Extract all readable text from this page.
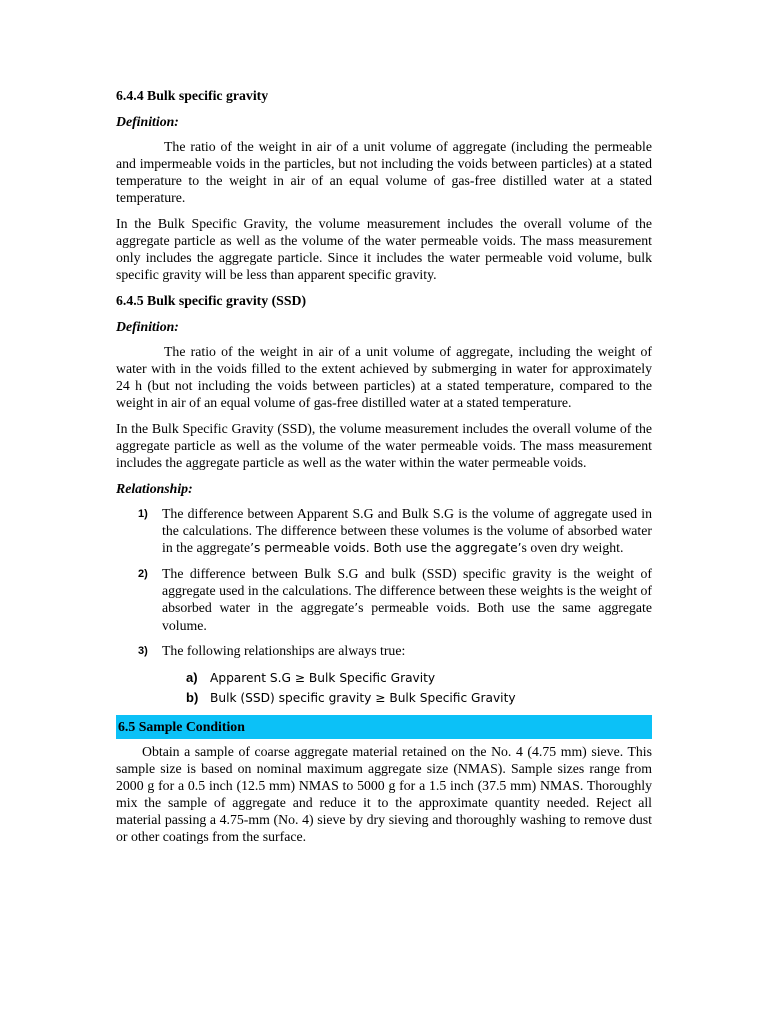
6.4.4 Bulk specific gravity

Definition:

The ratio of the weight in air of a unit volume of aggregate (including the permeable and impermeable voids in the particles, but not including the voids between particles) at a stated temperature to the weight in air of an equal volume of gas-free distilled water at a stated temperature.

In the Bulk Specific Gravity, the volume measurement includes the overall volume of the aggregate particle as well as the volume of the water permeable voids. The mass measurement only includes the aggregate particle. Since it includes the water permeable void volume, bulk specific gravity will be less than apparent specific gravity.

6.4.5 Bulk specific gravity (SSD)

Definition:

The ratio of the weight in air of a unit volume of aggregate, including the weight of water with in the voids filled to the extent achieved by submerging in water for approximately 24 h (but not including the voids between particles) at a stated temperature, compared to the weight in air of an equal volume of gas-free distilled water at a stated temperature.

In the Bulk Specific Gravity (SSD), the volume measurement includes the overall volume of the aggregate particle as well as the volume of the water permeable voids. The mass measurement includes the aggregate particle as well as the water within the water permeable voids.

Relationship:

1) The difference between Apparent S.G and Bulk S.G is the volume of aggregate used in the calculations. The difference between these volumes is the volume of absorbed water in the aggregate’s permeable voids. Both use the aggregate’s oven dry weight.
2) The difference between Bulk S.G and bulk (SSD) specific gravity is the weight of aggregate used in the calculations. The difference between these weights is the weight of absorbed water in the aggregate’s permeable voids. Both use the same aggregate volume.
3) The following relationships are always true:
a) Apparent S.G ≥ Bulk Specific Gravity
b) Bulk (SSD) specific gravity ≥ Bulk Specific Gravity
6.5 Sample Condition

Obtain a sample of coarse aggregate material retained on the No. 4 (4.75 mm) sieve. This sample size is based on nominal maximum aggregate size (NMAS). Sample sizes range from 2000 g for a 0.5 inch (12.5 mm) NMAS to 5000 g for a 1.5 inch (37.5 mm) NMAS. Thoroughly mix the sample of aggregate and reduce it to the approximate quantity needed. Reject all material passing a 4.75-mm (No. 4) sieve by dry sieving and thoroughly washing to remove dust or other coatings from the surface.
